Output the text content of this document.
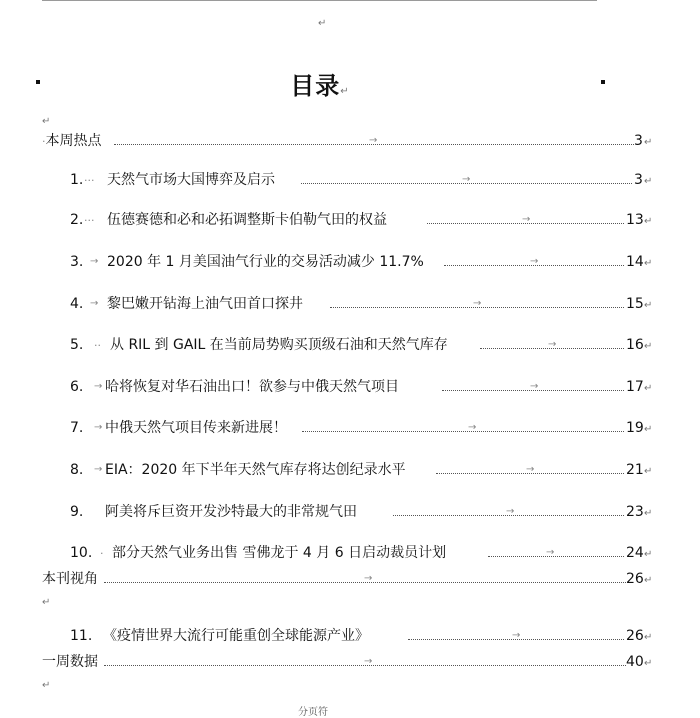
↵
目录↵
↵
·本周热点	→	3 ↵
1. ··· 天然气市场大国博弈及启示	→	3 ↵
2. ··· 伍德赛德和必和必拓调整斯卡伯勒气田的权益	→	13 ↵
3. → 2020 年 1 月美国油气行业的交易活动减少 11.7%	→	14 ↵
4. → 黎巴嫩开钻海上油气田首口探井	→	15 ↵
5. ·· 从 RIL 到 GAIL 在当前局势购买顶级石油和天然气库存	→	16 ↵
6. → 哈将恢复对华石油出口！欲参与中俄天然气项目	→	17 ↵
7. → 中俄天然气项目传来新进展！	→	19 ↵
8. → EIA：2020 年下半年天然气库存将达创纪录水平	→	21 ↵
9. 阿美将斥巨资开发沙特最大的非常规气田	→	23 ↵
10. · 部分天然气业务出售 雪佛龙于 4 月 6 日启动裁员计划	→	24 ↵
本刊视角	→	26 ↵
↵
11. 《疫情世界大流行可能重创全球能源产业》	→	26 ↵
一周数据	→	40 ↵
↵
分页符
